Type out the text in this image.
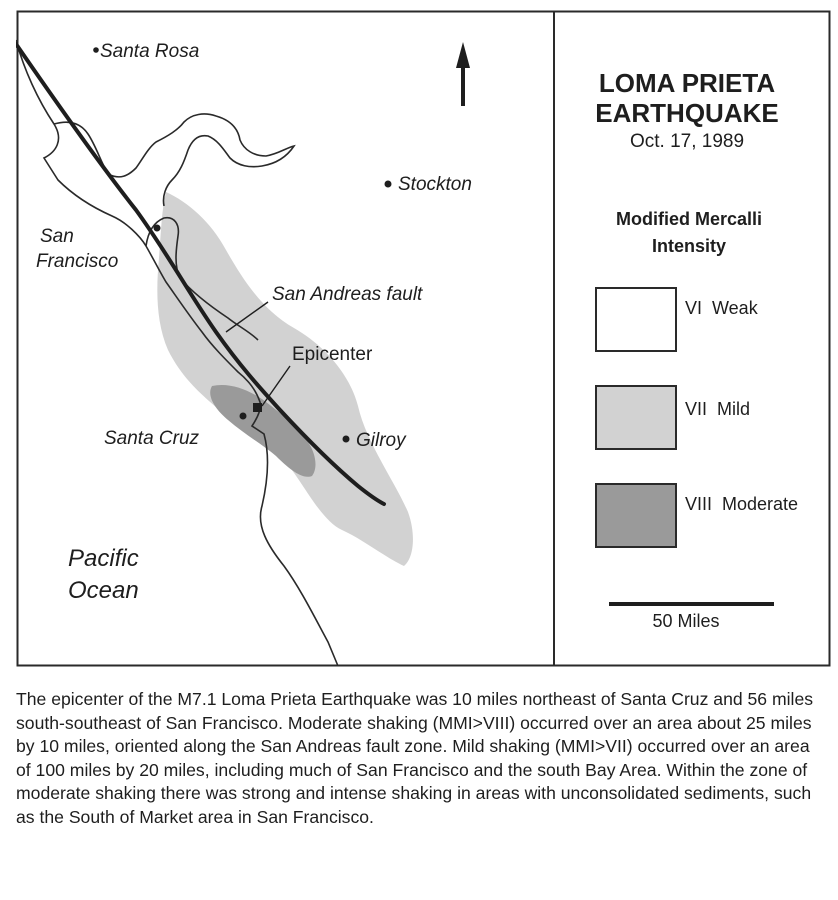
Santa Rosa
Stockton
San
Francisco
San Andreas fault
Epicenter
Santa Cruz	Gilroy
Pacific
Ocean
LOMA PRIETA
EARTHQUAKE
Oct. 17, 1989
Modified Mercalli
Intensity
VI  Weak
VII  Mild
VIII  Moderate
50 Miles

The epicenter of the M7.1 Loma Prieta Earthquake was 10 miles northeast of Santa Cruz and 56 miles south-southeast of San Francisco. Moderate shaking (MMI>VIII) occurred over an area about 25 miles by 10 miles, oriented along the San Andreas fault zone. Mild shaking (MMI>VII) occurred over an area of 100 miles by 20 miles, including much of San Francisco and the south Bay Area. Within the zone of moderate shaking there was strong and intense shaking in areas with unconsolidated sediments, such as the South of Market area in San Francisco.
